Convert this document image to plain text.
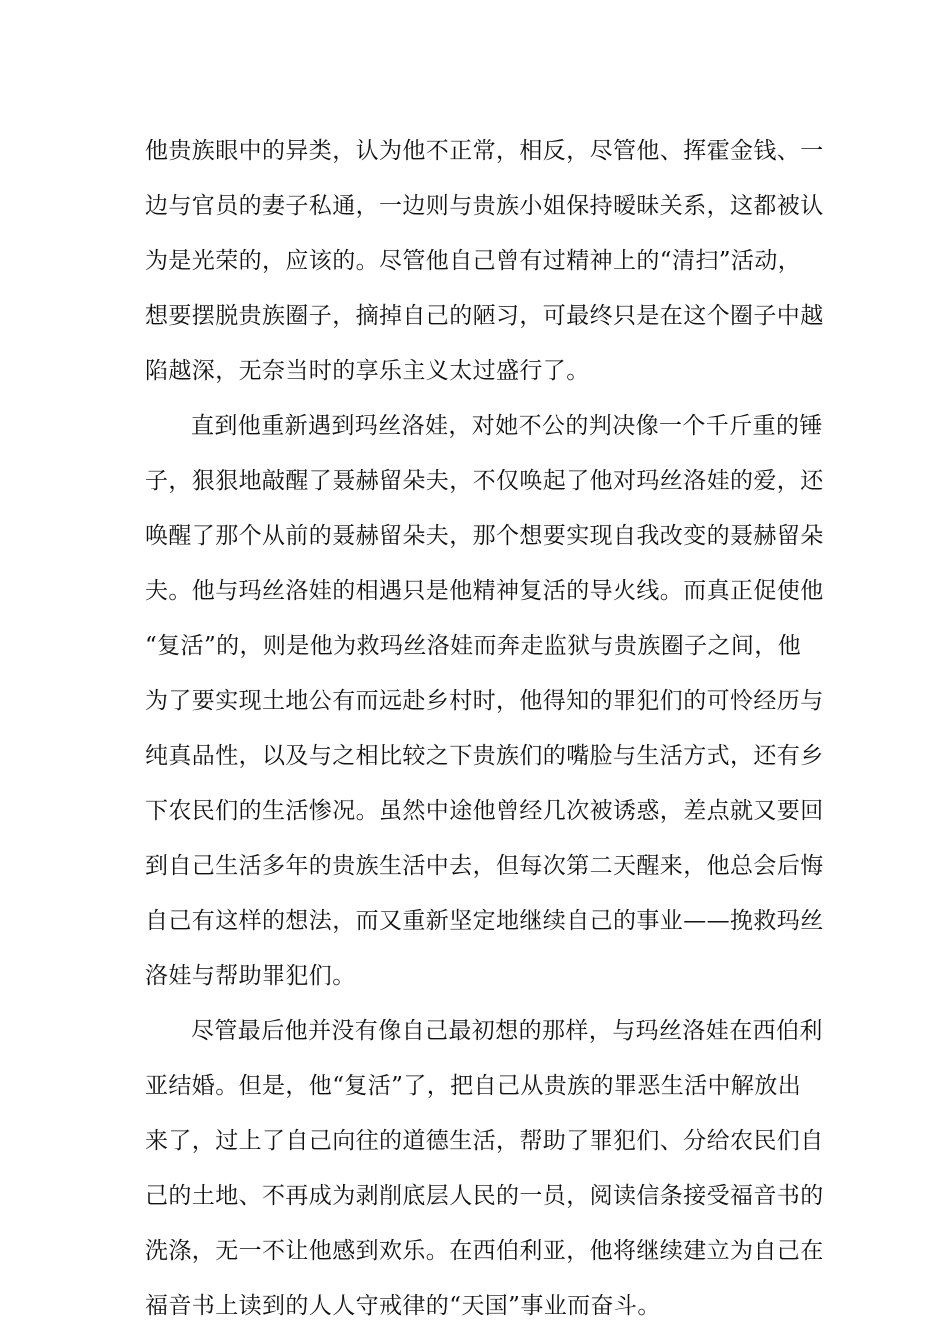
他贵族眼中的异类，认为他不正常，相反，尽管他、挥霍金钱、一
边与官员的妻子私通，一边则与贵族小姐保持暧昧关系，这都被认
为是光荣的，应该的。尽管他自己曾有过精神上的“清扫”活动，
想要摆脱贵族圈子，摘掉自己的陋习，可最终只是在这个圈子中越
陷越深，无奈当时的享乐主义太过盛行了。
直到他重新遇到玛丝洛娃，对她不公的判决像一个千斤重的锤
子，狠狠地敲醒了聂赫留朵夫，不仅唤起了他对玛丝洛娃的爱，还
唤醒了那个从前的聂赫留朵夫，那个想要实现自我改变的聂赫留朵
夫。他与玛丝洛娃的相遇只是他精神复活的导火线。而真正促使他
“复活”的，则是他为救玛丝洛娃而奔走监狱与贵族圈子之间，他
为了要实现土地公有而远赴乡村时，他得知的罪犯们的可怜经历与
纯真品性，以及与之相比较之下贵族们的嘴脸与生活方式，还有乡
下农民们的生活惨况。虽然中途他曾经几次被诱惑，差点就又要回
到自己生活多年的贵族生活中去，但每次第二天醒来，他总会后悔
自己有这样的想法，而又重新坚定地继续自己的事业——挽救玛丝
洛娃与帮助罪犯们。
尽管最后他并没有像自己最初想的那样，与玛丝洛娃在西伯利
亚结婚。但是，他“复活”了，把自己从贵族的罪恶生活中解放出
来了，过上了自己向往的道德生活，帮助了罪犯们、分给农民们自
己的土地、不再成为剥削底层人民的一员，阅读信条接受福音书的
洗涤，无一不让他感到欢乐。在西伯利亚，他将继续建立为自己在
福音书上读到的人人守戒律的“天国”事业而奋斗。
